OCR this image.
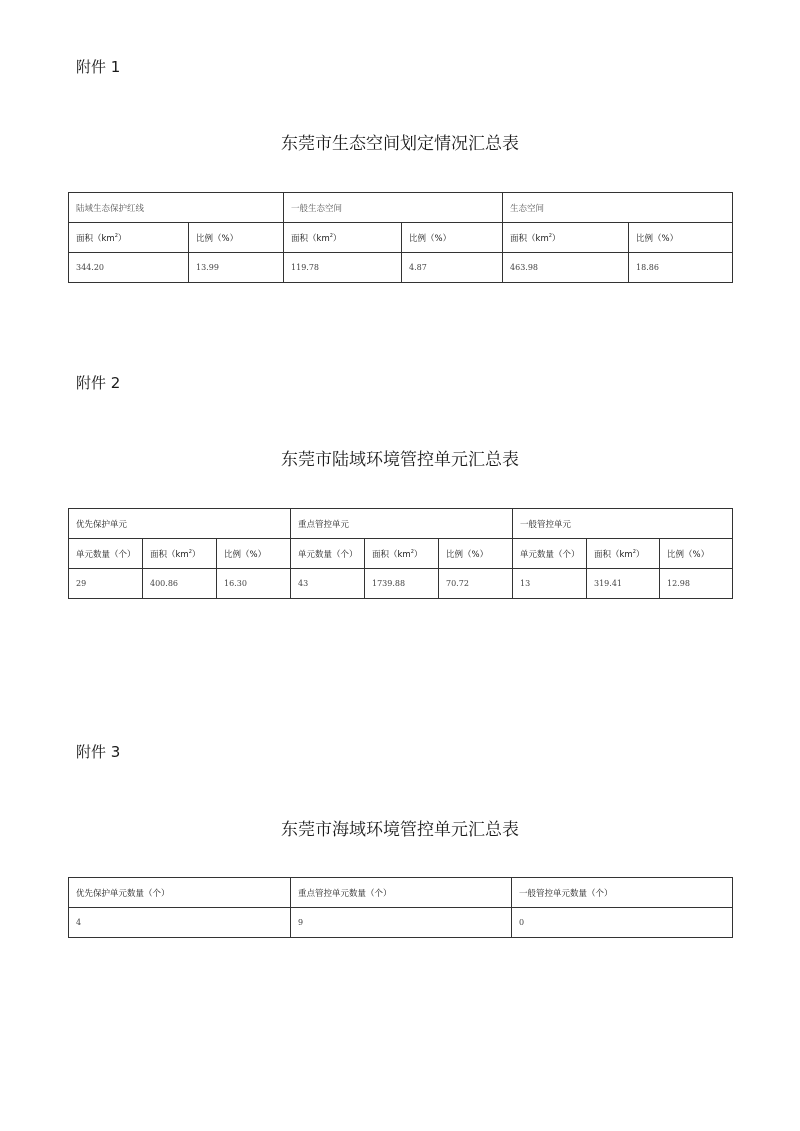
附件 1
东莞市生态空间划定情况汇总表
陆域生态保护红线		一般生态空间		生态空间	
面积$(km^2)$	比例（%）	面积$(km^2)$	比例（%）	面积$(km^2)$	比例（%）
344.20	13.99	119.78	4.87	463.98	18.86
附件 2
东莞市陆域环境管控单元汇总表
优先保护单元			重点管控单元			一般管控单元		
单元数量（个）	面积$(km^2)$	比例（%）	单元数量（个）	面积$(km^2)$	比例（%）	单元数量（个）	面积$(km^2)$	比例（%）
29	400.86	16.30	43	1739.88	70.72	13	319.41	12.98
附件 3
东莞市海域环境管控单元汇总表
优先保护单元数量（个）	重点管控单元数量（个）	一般管控单元数量（个）
4	9	0
